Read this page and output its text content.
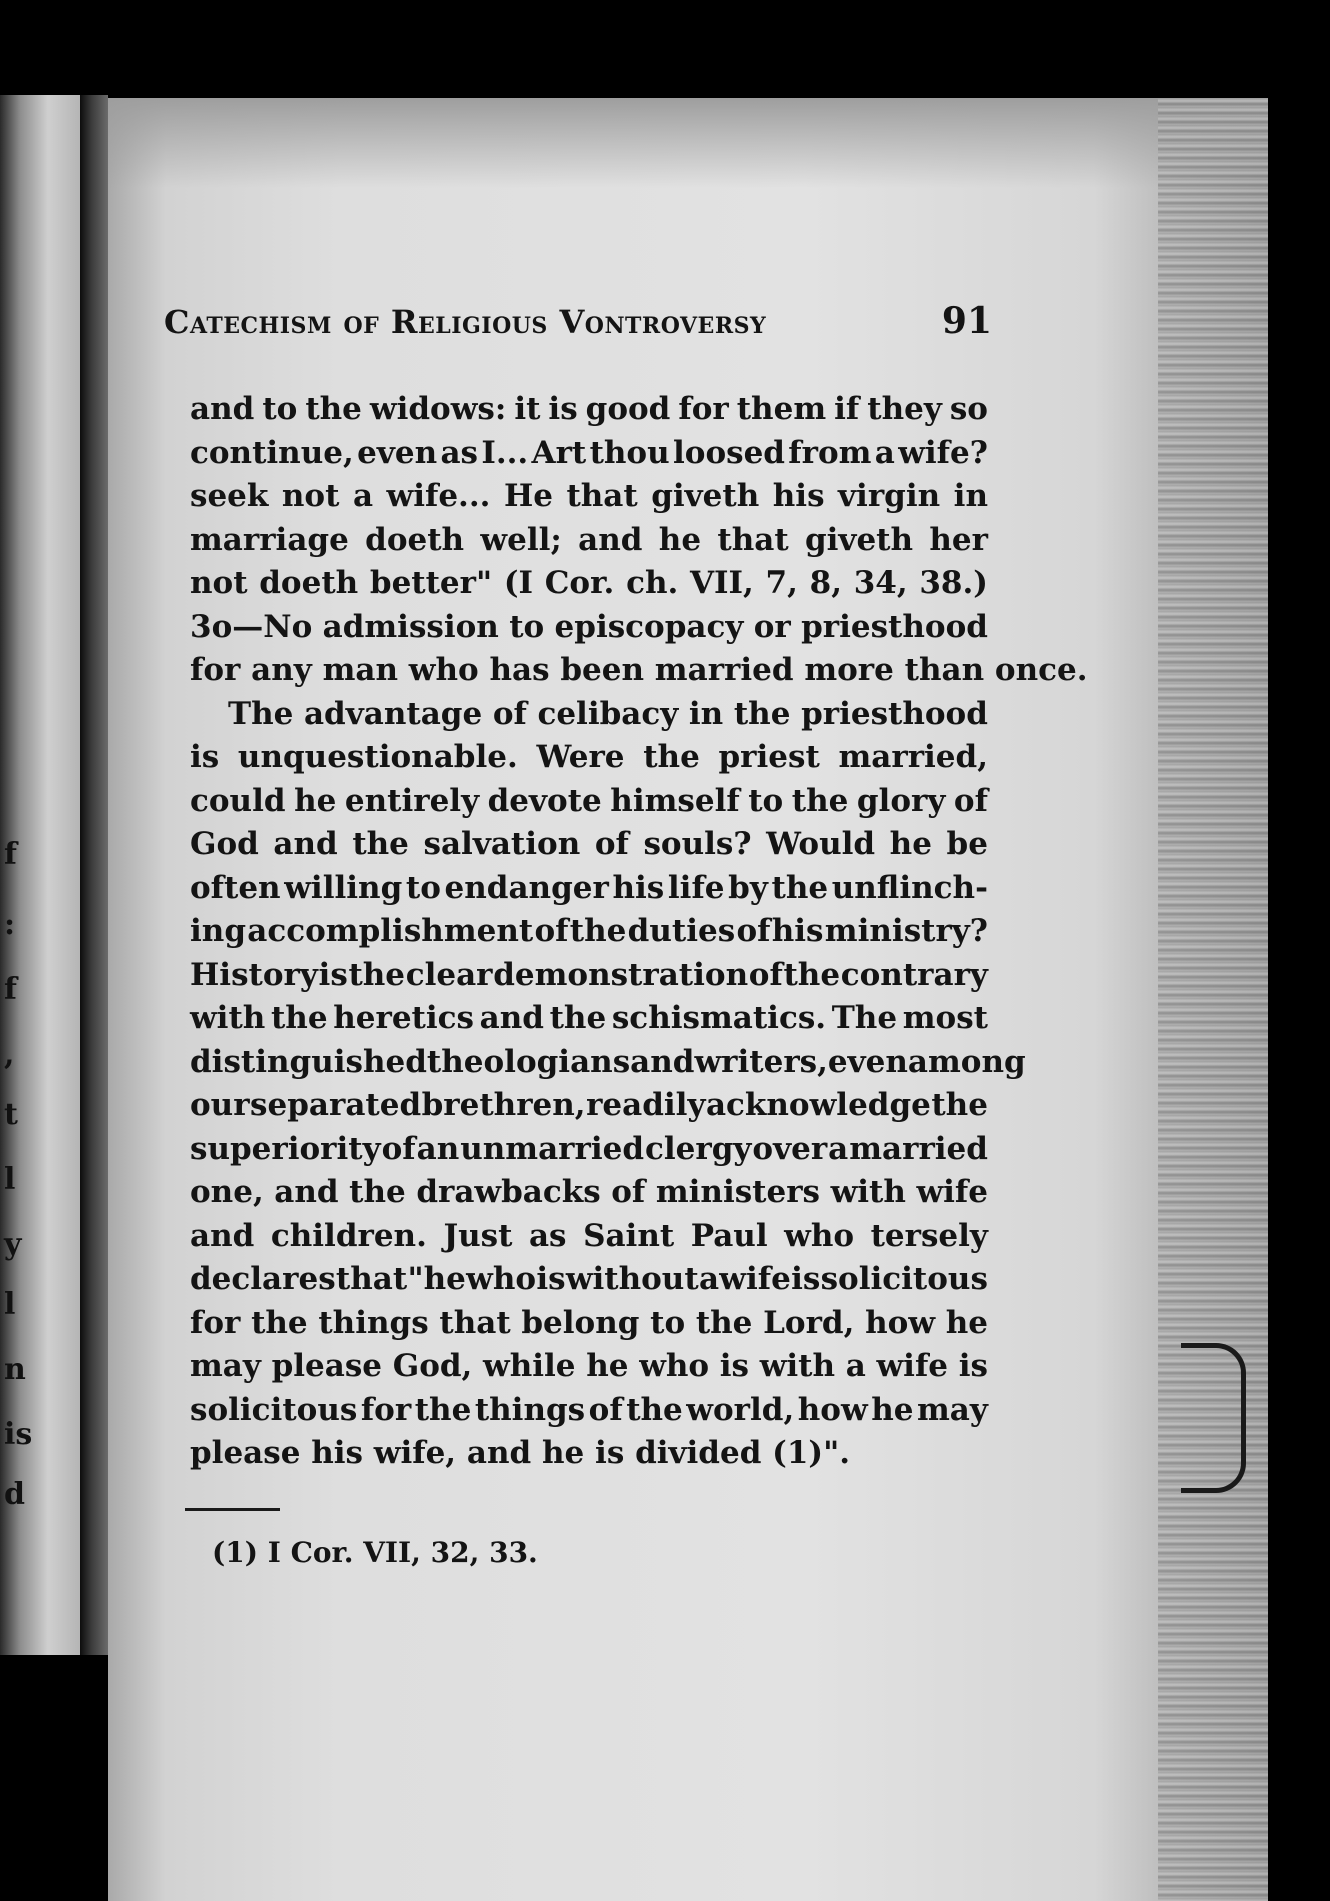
f
:
f
,
t
l
y
l
n
is
d
Catechism of Religious Vontroversy	91
and to the widows: it is good for them if they so
continue, even as I... Art thou loosed from a wife?
seek not a wife... He that giveth his virgin in
marriage doeth well; and he that giveth her
not doeth better" (I Cor. ch. VII, 7, 8, 34, 38.)
3o—No admission to episcopacy or priesthood
for any man who has been married more than once.
The advantage of celibacy in the priesthood
is unquestionable. Were the priest married,
could he entirely devote himself to the glory of
God and the salvation of souls? Would he be
often willing to endanger his life by the unflinch-
ing accomplishment of the duties of his ministry?
History is the clear demonstration of the contrary
with the heretics and the schismatics. The most
distinguished theologians and writers, even among
our separated brethren, readily acknowledge the
superiority of an unmarried clergy over a married
one, and the drawbacks of ministers with wife
and children. Just as Saint Paul who tersely
declares that "he who is without a wife is solicitous
for the things that belong to the Lord, how he
may please God, while he who is with a wife is
solicitous for the things of the world, how he may
please his wife, and he is divided (1)".
(1) I Cor. VII, 32, 33.
